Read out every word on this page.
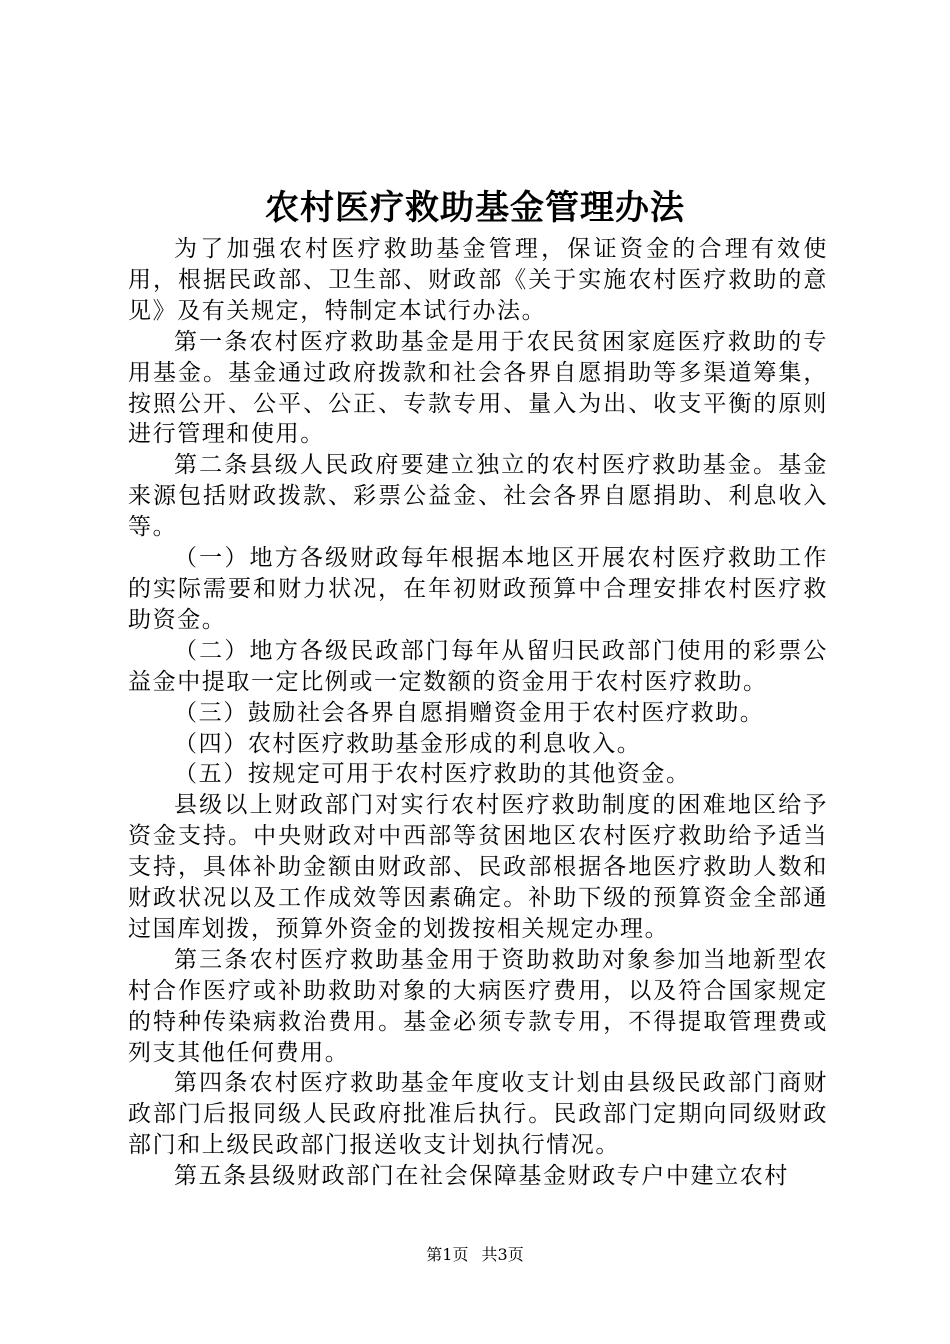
农村医疗救助基金管理办法

为了加强农村医疗救助基金管理，保证资金的合理有效使用，根据民政部、卫生部、财政部《关于实施农村医疗救助的意见》及有关规定，特制定本试行办法。

第一条农村医疗救助基金是用于农民贫困家庭医疗救助的专用基金。基金通过政府拨款和社会各界自愿捐助等多渠道筹集，按照公开、公平、公正、专款专用、量入为出、收支平衡的原则进行管理和使用。

第二条县级人民政府要建立独立的农村医疗救助基金。基金来源包括财政拨款、彩票公益金、社会各界自愿捐助、利息收入等。

（一）地方各级财政每年根据本地区开展农村医疗救助工作的实际需要和财力状况，在年初财政预算中合理安排农村医疗救助资金。

（二）地方各级民政部门每年从留归民政部门使用的彩票公益金中提取一定比例或一定数额的资金用于农村医疗救助。

（三）鼓励社会各界自愿捐赠资金用于农村医疗救助。

（四）农村医疗救助基金形成的利息收入。

（五）按规定可用于农村医疗救助的其他资金。

县级以上财政部门对实行农村医疗救助制度的困难地区给予资金支持。中央财政对中西部等贫困地区农村医疗救助给予适当支持，具体补助金额由财政部、民政部根据各地医疗救助人数和财政状况以及工作成效等因素确定。补助下级的预算资金全部通过国库划拨，预算外资金的划拨按相关规定办理。

第三条农村医疗救助基金用于资助救助对象参加当地新型农村合作医疗或补助救助对象的大病医疗费用，以及符合国家规定的特种传染病救治费用。基金必须专款专用，不得提取管理费或列支其他任何费用。

第四条农村医疗救助基金年度收支计划由县级民政部门商财政部门后报同级人民政府批准后执行。民政部门定期向同级财政部门和上级民政部门报送收支计划执行情况。

第五条县级财政部门在社会保障基金财政专户中建立农村

第1页 共3页
